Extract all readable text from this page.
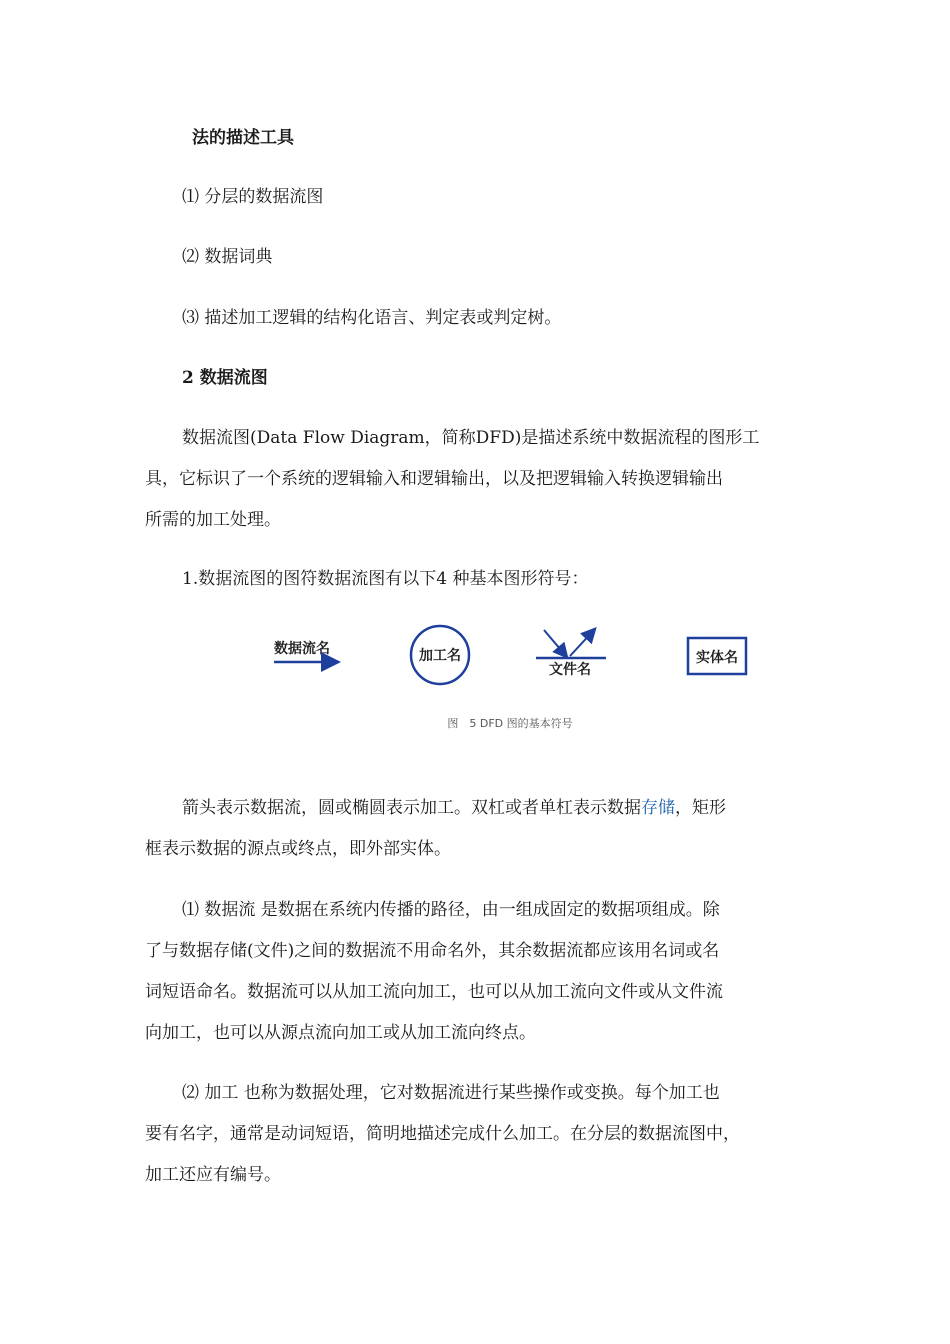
法的描述工具

⑴ 分层的数据流图

⑵ 数据词典

⑶ 描述加工逻辑的结构化语言、判定表或判定树。

2 数据流图

数据流图(Data Flow Diagram，简称DFD)是描述系统中数据流程的图形工
具，它标识了一个系统的逻辑输入和逻辑输出，以及把逻辑输入转换逻辑输出
所需的加工处理。

1.数据流图的图符数据流图有以下4 种基本图形符号：

数据流名	加工名
文件名
实体名
图　5 DFD 图的基本符号
箭头表示数据流，圆或椭圆表示加工。双杠或者单杠表示数据存储，矩形
框表示数据的源点或终点，即外部实体。
⑴ 数据流 是数据在系统内传播的路径，由一组成固定的数据项组成。除
了与数据存储(文件)之间的数据流不用命名外，其余数据流都应该用名词或名
词短语命名。数据流可以从加工流向加工，也可以从加工流向文件或从文件流
向加工，也可以从源点流向加工或从加工流向终点。
⑵ 加工 也称为数据处理，它对数据流进行某些操作或变换。每个加工也
要有名字，通常是动词短语，简明地描述完成什么加工。在分层的数据流图中，
加工还应有编号。
